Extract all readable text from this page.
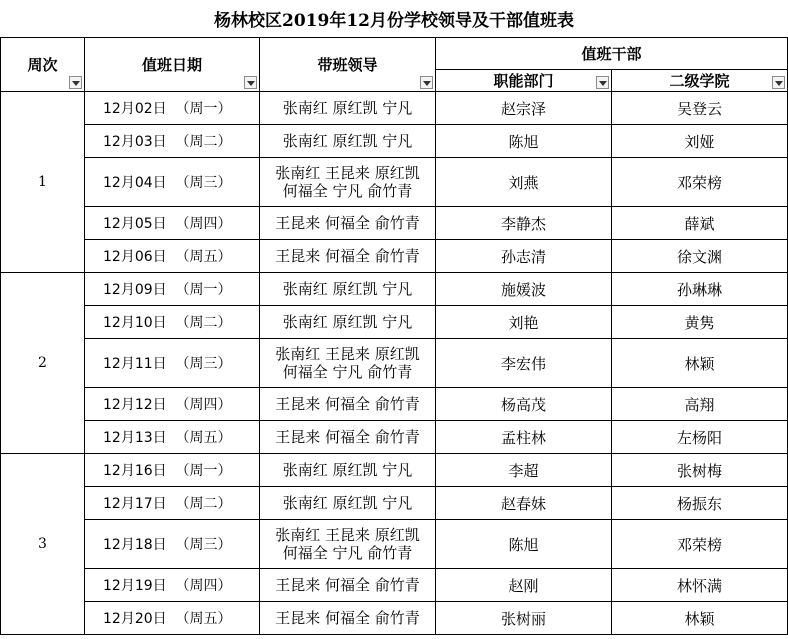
杨林校区2019年12月份学校领导及干部值班表
周次	值班日期	带班领导	值班干部	
			职能部门	二级学院

1	12月02日  （周一）	张南红 原红凯 宁凡	赵宗泽	吴登云
	12月03日  （周二）	张南红 原红凯 宁凡	陈旭	刘娅
	12月04日  （周三）	张南红 王昆来 原红凯
何福全 宁凡 俞竹青	刘燕	邓荣榜
	12月05日  （周四）	王昆来 何福全 俞竹青	李静杰	薛斌
	12月06日  （周五）	王昆来 何福全 俞竹青	孙志清	徐文渊
2	12月09日  （周一）	张南红 原红凯 宁凡	施媛波	孙琳琳
	12月10日  （周二）	张南红 原红凯 宁凡	刘艳	黄隽
	12月11日  （周三）	张南红 王昆来 原红凯
何福全 宁凡 俞竹青	李宏伟	林颖
	12月12日  （周四）	王昆来 何福全 俞竹青	杨高茂	高翔
	12月13日  （周五）	王昆来 何福全 俞竹青	孟柱林	左杨阳
3	12月16日  （周一）	张南红 原红凯 宁凡	李超	张树梅
	12月17日  （周二）	张南红 原红凯 宁凡	赵春妹	杨振东
	12月18日  （周三）	张南红 王昆来 原红凯
何福全 宁凡 俞竹青	陈旭	邓荣榜
	12月19日  （周四）	王昆来 何福全 俞竹青	赵刚	林怀满
	12月20日  （周五）	王昆来 何福全 俞竹青	张树丽	林颖
